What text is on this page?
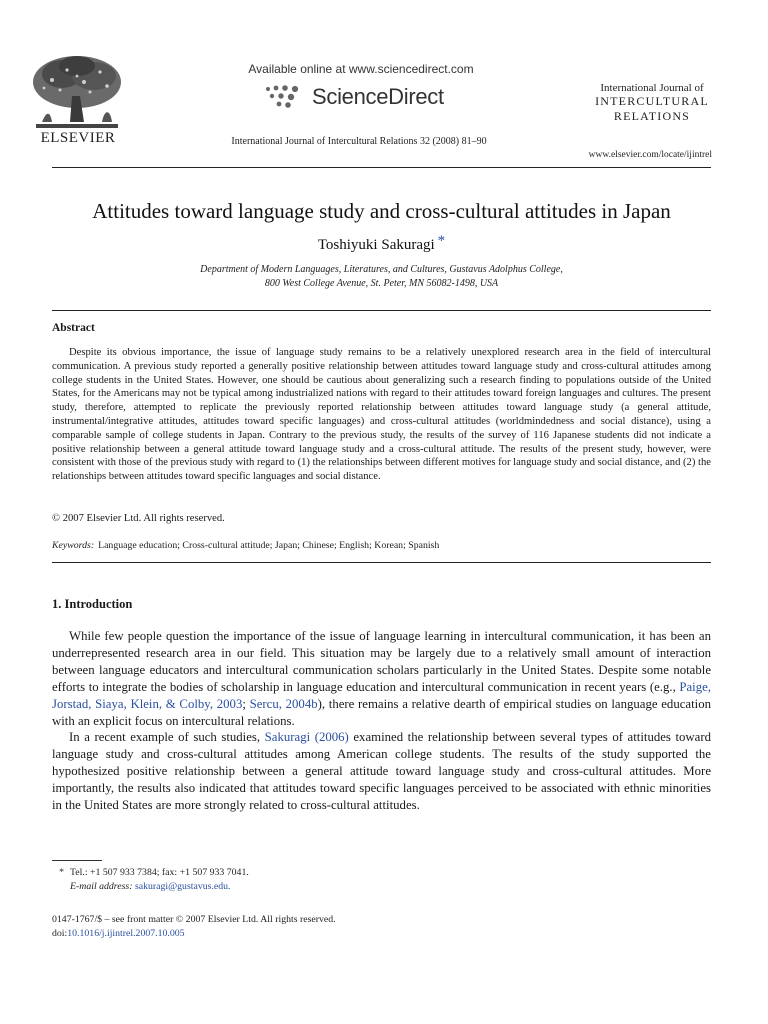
ELSEVIER
Available online at www.sciencedirect.com
ScienceDirect
International Journal of Intercultural Relations 32 (2008) 81–90
International Journal of
INTERCULTURAL
RELATIONS
www.elsevier.com/locate/ijintrel
Attitudes toward language study and cross-cultural attitudes in Japan
Toshiyuki Sakuragi *
Department of Modern Languages, Literatures, and Cultures, Gustavus Adolphus College,
800 West College Avenue, St. Peter, MN 56082-1498, USA
Abstract

Despite its obvious importance, the issue of language study remains to be a relatively unexplored research area in the field of intercultural communication. A previous study reported a generally positive relationship between attitudes toward language study and cross-cultural attitudes among college students in the United States. However, one should be cautious about generalizing such a research finding to populations outside of the United States, for the Americans may not be typical among industrialized nations with regard to their attitudes toward foreign languages and cultures. The present study, therefore, attempted to replicate the previously reported relationship between attitudes toward language study (a general attitude, instrumental/integrative attitudes, attitudes toward specific languages) and cross-cultural attitudes (worldmindedness and social distance), using a comparable sample of college students in Japan. Contrary to the previous study, the results of the survey of 116 Japanese students did not indicate a positive relationship between a general attitude toward language study and a cross-cultural attitude. The results of the present study, however, were consistent with those of the previous study with regard to (1) the relationships between different motives for language study and social distance, and (2) the relationships between attitudes toward specific languages and social distance.

© 2007 Elsevier Ltd. All rights reserved.
Keywords: Language education; Cross-cultural attitude; Japan; Chinese; English; Korean; Spanish
1. Introduction

While few people question the importance of the issue of language learning in intercultural communication, it has been an underrepresented research area in our field. This situation may be largely due to a relatively small amount of interaction between language educators and intercultural communication scholars particularly in the United States. Despite some notable efforts to integrate the bodies of scholarship in language education and intercultural communication in recent years (e.g., Paige, Jorstad, Siaya, Klein, & Colby, 2003; Sercu, 2004b), there remains a relative dearth of empirical studies on language education with an explicit focus on intercultural relations.

In a recent example of such studies, Sakuragi (2006) examined the relationship between several types of attitudes toward language study and cross-cultural attitudes among American college students. The results of the study supported the hypothesized positive relationship between a general attitude toward language study and cross-cultural attitudes. More importantly, the results also indicated that attitudes toward specific languages perceived to be associated with ethnic minorities in the United States are more strongly related to cross-cultural attitudes.

* Tel.: +1 507 933 7384; fax: +1 507 933 7041.
E-mail address: sakuragi@gustavus.edu.
0147-1767/$ – see front matter © 2007 Elsevier Ltd. All rights reserved.
doi:10.1016/j.ijintrel.2007.10.005
